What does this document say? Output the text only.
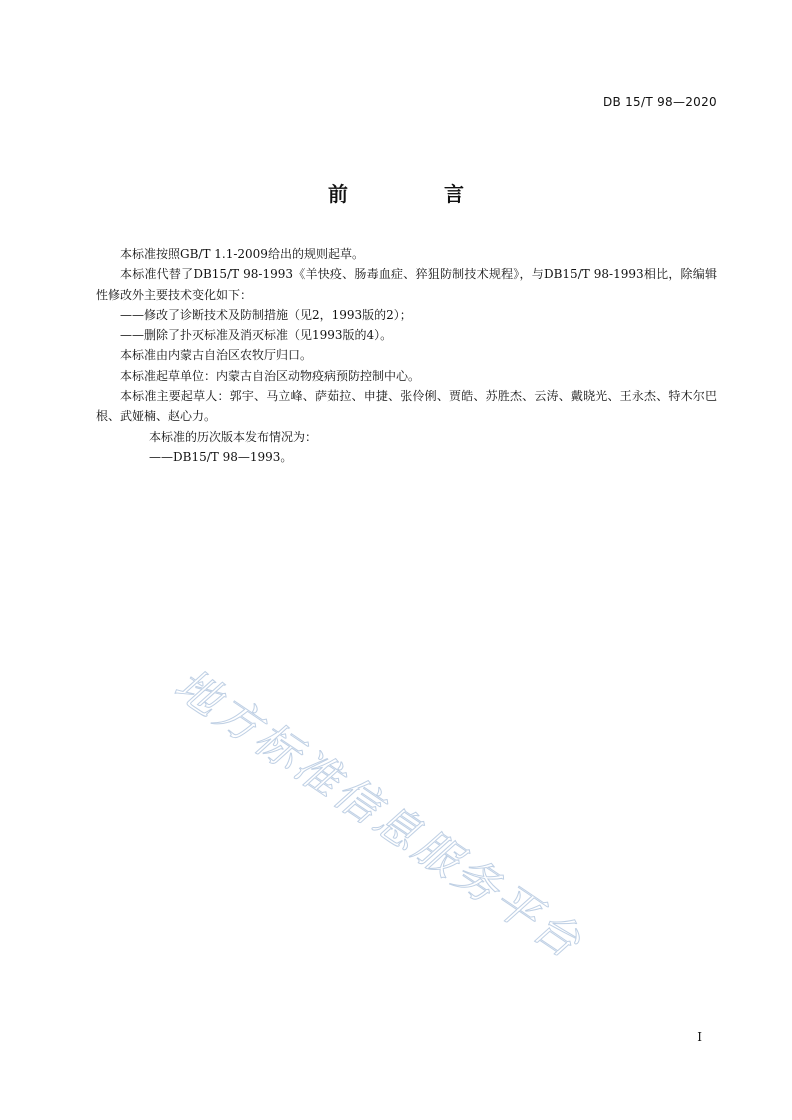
DB 15/T 98—2020
前　言

本标准按照GB/T 1.1-2009给出的规则起草。

本标准代替了DB15/T 98-1993《羊快疫、肠毒血症、猝狙防制技术规程》，与DB15/T 98-1993相比，除编辑性修改外主要技术变化如下：

——修改了诊断技术及防制措施（见2，1993版的2）；

——删除了扑灭标准及消灭标准（见1993版的4）。

本标准由内蒙古自治区农牧厅归口。

本标准起草单位：内蒙古自治区动物疫病预防控制中心。

本标准主要起草人：郭宇、马立峰、萨茹拉、申捷、张伶俐、贾皓、苏胜杰、云涛、戴晓光、王永杰、特木尔巴根、武娅楠、赵心力。

本标准的历次版本发布情况为：

——DB15/T 98—1993。

地方标准信息服务平台
I
